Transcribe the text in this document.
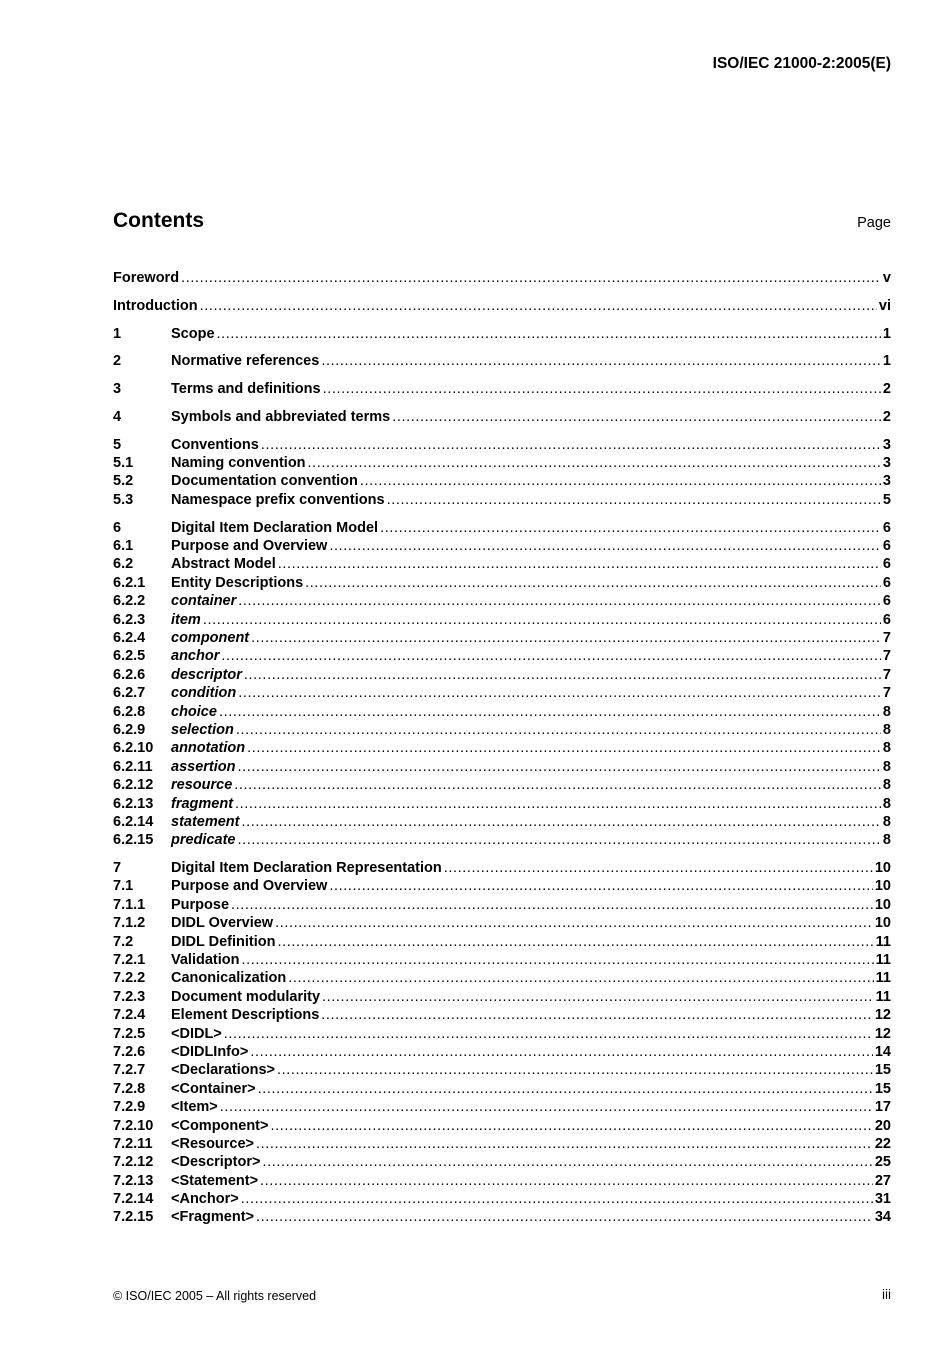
ISO/IEC 21000-2:2005(E)
Contents	Page
Foreword .....	v
Introduction .....	vi
1	Scope .....	1
2	Normative references .....	1
3	Terms and definitions .....	2
4	Symbols and abbreviated terms .....	2
5	Conventions .....	3
5.1	Naming convention .....	3
5.2	Documentation convention .....	3
5.3	Namespace prefix conventions .....	5
6	Digital Item Declaration Model .....	6
6.1	Purpose and Overview .....	6
6.2	Abstract Model .....	6
6.2.1	Entity Descriptions .....	6
6.2.2	container .....	6
6.2.3	item .....	6
6.2.4	component .....	7
6.2.5	anchor .....	7
6.2.6	descriptor .....	7
6.2.7	condition .....	7
6.2.8	choice .....	8
6.2.9	selection .....	8
6.2.10	annotation .....	8
6.2.11	assertion .....	8
6.2.12	resource .....	8
6.2.13	fragment .....	8
6.2.14	statement .....	8
6.2.15	predicate .....	8
7	Digital Item Declaration Representation .....	10
7.1	Purpose and Overview .....	10
7.1.1	Purpose .....	10
7.1.2	DIDL Overview .....	10
7.2	DIDL Definition .....	11
7.2.1	Validation .....	11
7.2.2	Canonicalization .....	11
7.2.3	Document modularity .....	11
7.2.4	Element Descriptions .....	12
7.2.5	<DIDL> .....	12
7.2.6	<DIDLInfo> .....	14
7.2.7	<Declarations> .....	15
7.2.8	<Container> .....	15
7.2.9	<Item> .....	17
7.2.10	<Component> .....	20
7.2.11	<Resource> .....	22
7.2.12	<Descriptor> .....	25
7.2.13	<Statement> .....	27
7.2.14	<Anchor> .....	31
7.2.15	<Fragment> .....	34
© ISO/IEC 2005 – All rights reserved	iii
